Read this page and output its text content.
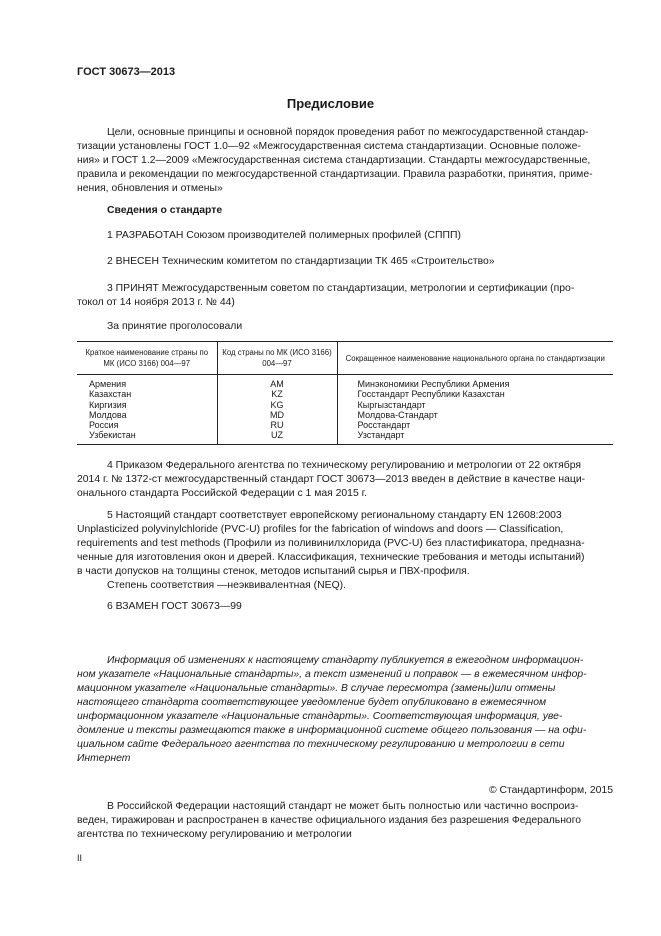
ГОСТ 30673—2013
Предисловие
Цели, основные принципы и основной порядок проведения работ по межгосударственной стандар-
тизации установлены ГОСТ 1.0—92 «Межгосударственная система стандартизации. Основные положе-
ния» и ГОСТ 1.2—2009 «Межгосударственная система стандартизации. Стандарты межгосударственные,
правила и рекомендации по межгосударственной стандартизации. Правила разработки, принятия, приме-
нения, обновления и отмены»
Сведения о стандарте
1 РАЗРАБОТАН Союзом производителей полимерных профилей (СППП)
2 ВНЕСЕН Техническим комитетом по стандартизации ТК 465 «Строительство»
3 ПРИНЯТ Межгосударственным советом по стандартизации, метрологии и сертификации (про-
токол от 14 ноября 2013 г. № 44)
За принятие проголосовали
Краткое наименование страны по МК (ИСО 3166) 004—97	Код страны по МК (ИСО 3166) 004—97	Сокращенное наименование национального органа по стандартизации
Армения	AM	Минэкономики Республики Армения
Казахстан	KZ	Госстандарт Республики Казахстан
Киргизия	KG	Кыргызстандарт
Молдова	MD	Молдова-Стандарт
Россия	RU	Росстандарт
Узбекистан	UZ	Узстандарт
4 Приказом Федерального агентства по техническому регулированию и метрологии от 22 октября
2014 г. № 1372-ст межгосударственный стандарт ГОСТ 30673—2013 введен в действие в качестве наци-
онального стандарта Российской Федерации с 1 мая 2015 г.
5 Настоящий стандарт соответствует европейскому региональному стандарту EN 12608:2003
Unplasticized polyvinylchloride (PVC-U) profiles for the fabrication of windows and doors — Classification,
requirements and test methods (Профили из поливинилхлорида (PVC-U) без пластификатора, предназна-
ченные для изготовления окон и дверей. Классификация, технические требования и методы испытаний)
в части допусков на толщины стенок, методов испытаний сырья и ПВХ-профиля.
Степень соответствия —неэквивалентная (NEQ).
6 ВЗАМЕН ГОСТ 30673—99
Информация об изменениях к настоящему стандарту публикуется в ежегодном информацион-
ном указателе «Национальные стандарты», а текст изменений и поправок — в ежемесячном инфор-
мационном указателе «Национальные стандарты». В случае пересмотра (замены)или отмены
настоящего стандарта соответствующее уведомление будет опубликовано в ежемесячном
информационном указателе «Национальные стандарты». Соответствующая информация, уве-
домление и тексты размещаются также в информационной системе общего пользования — на офи-
циальном сайте Федерального агентства по техническому регулированию и метрологии в сети
Интернет
© Стандартинформ, 2015
В Российской Федерации настоящий стандарт не может быть полностью или частично воспроиз-
веден, тиражирован и распространен в качестве официального издания без разрешения Федерального
агентства по техническому регулированию и метрологии
II
